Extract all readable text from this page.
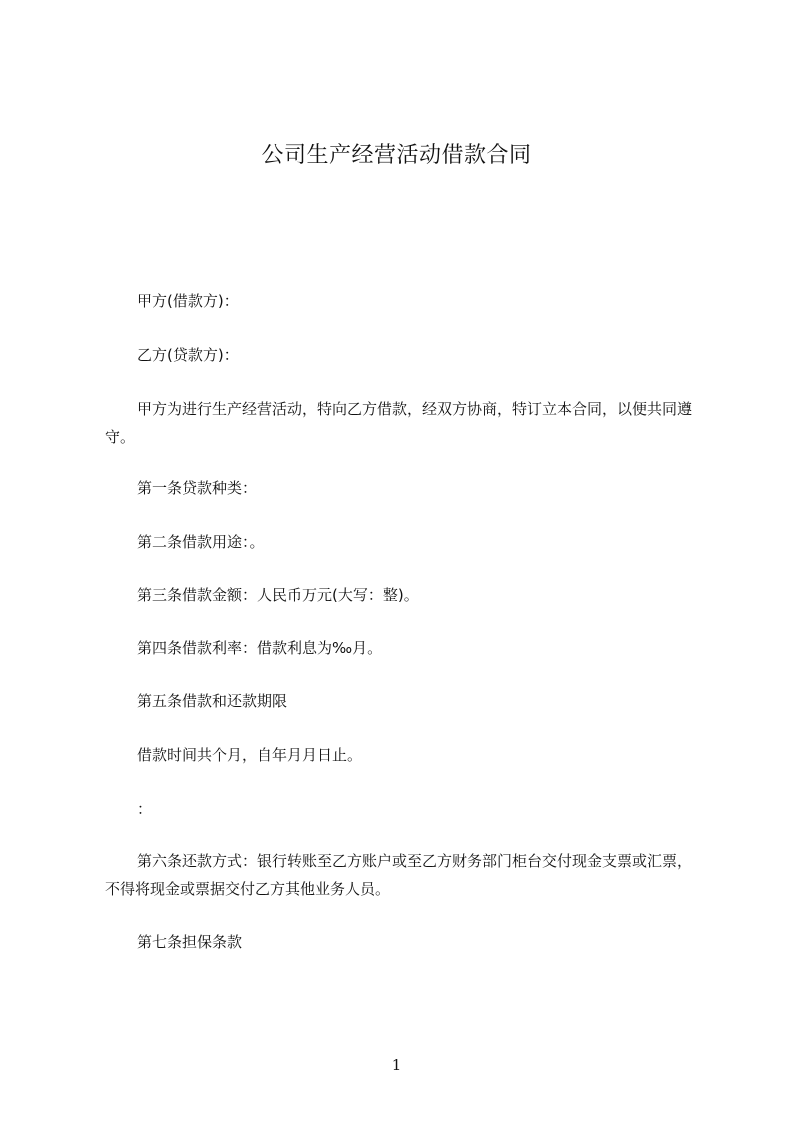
公司生产经营活动借款合同

甲方(借款方)：

乙方(贷款方)：

甲方为进行生产经营活动，特向乙方借款，经双方协商，特订立本合同，以便共同遵守。

第一条贷款种类：

第二条借款用途：。

第三条借款金额：人民币万元(大写：整)。

第四条借款利率：借款利息为‰月。

第五条借款和还款期限

借款时间共个月，自年月月日止。

：

第六条还款方式：银行转账至乙方账户或至乙方财务部门柜台交付现金支票或汇票，不得将现金或票据交付乙方其他业务人员。

第七条担保条款

1
